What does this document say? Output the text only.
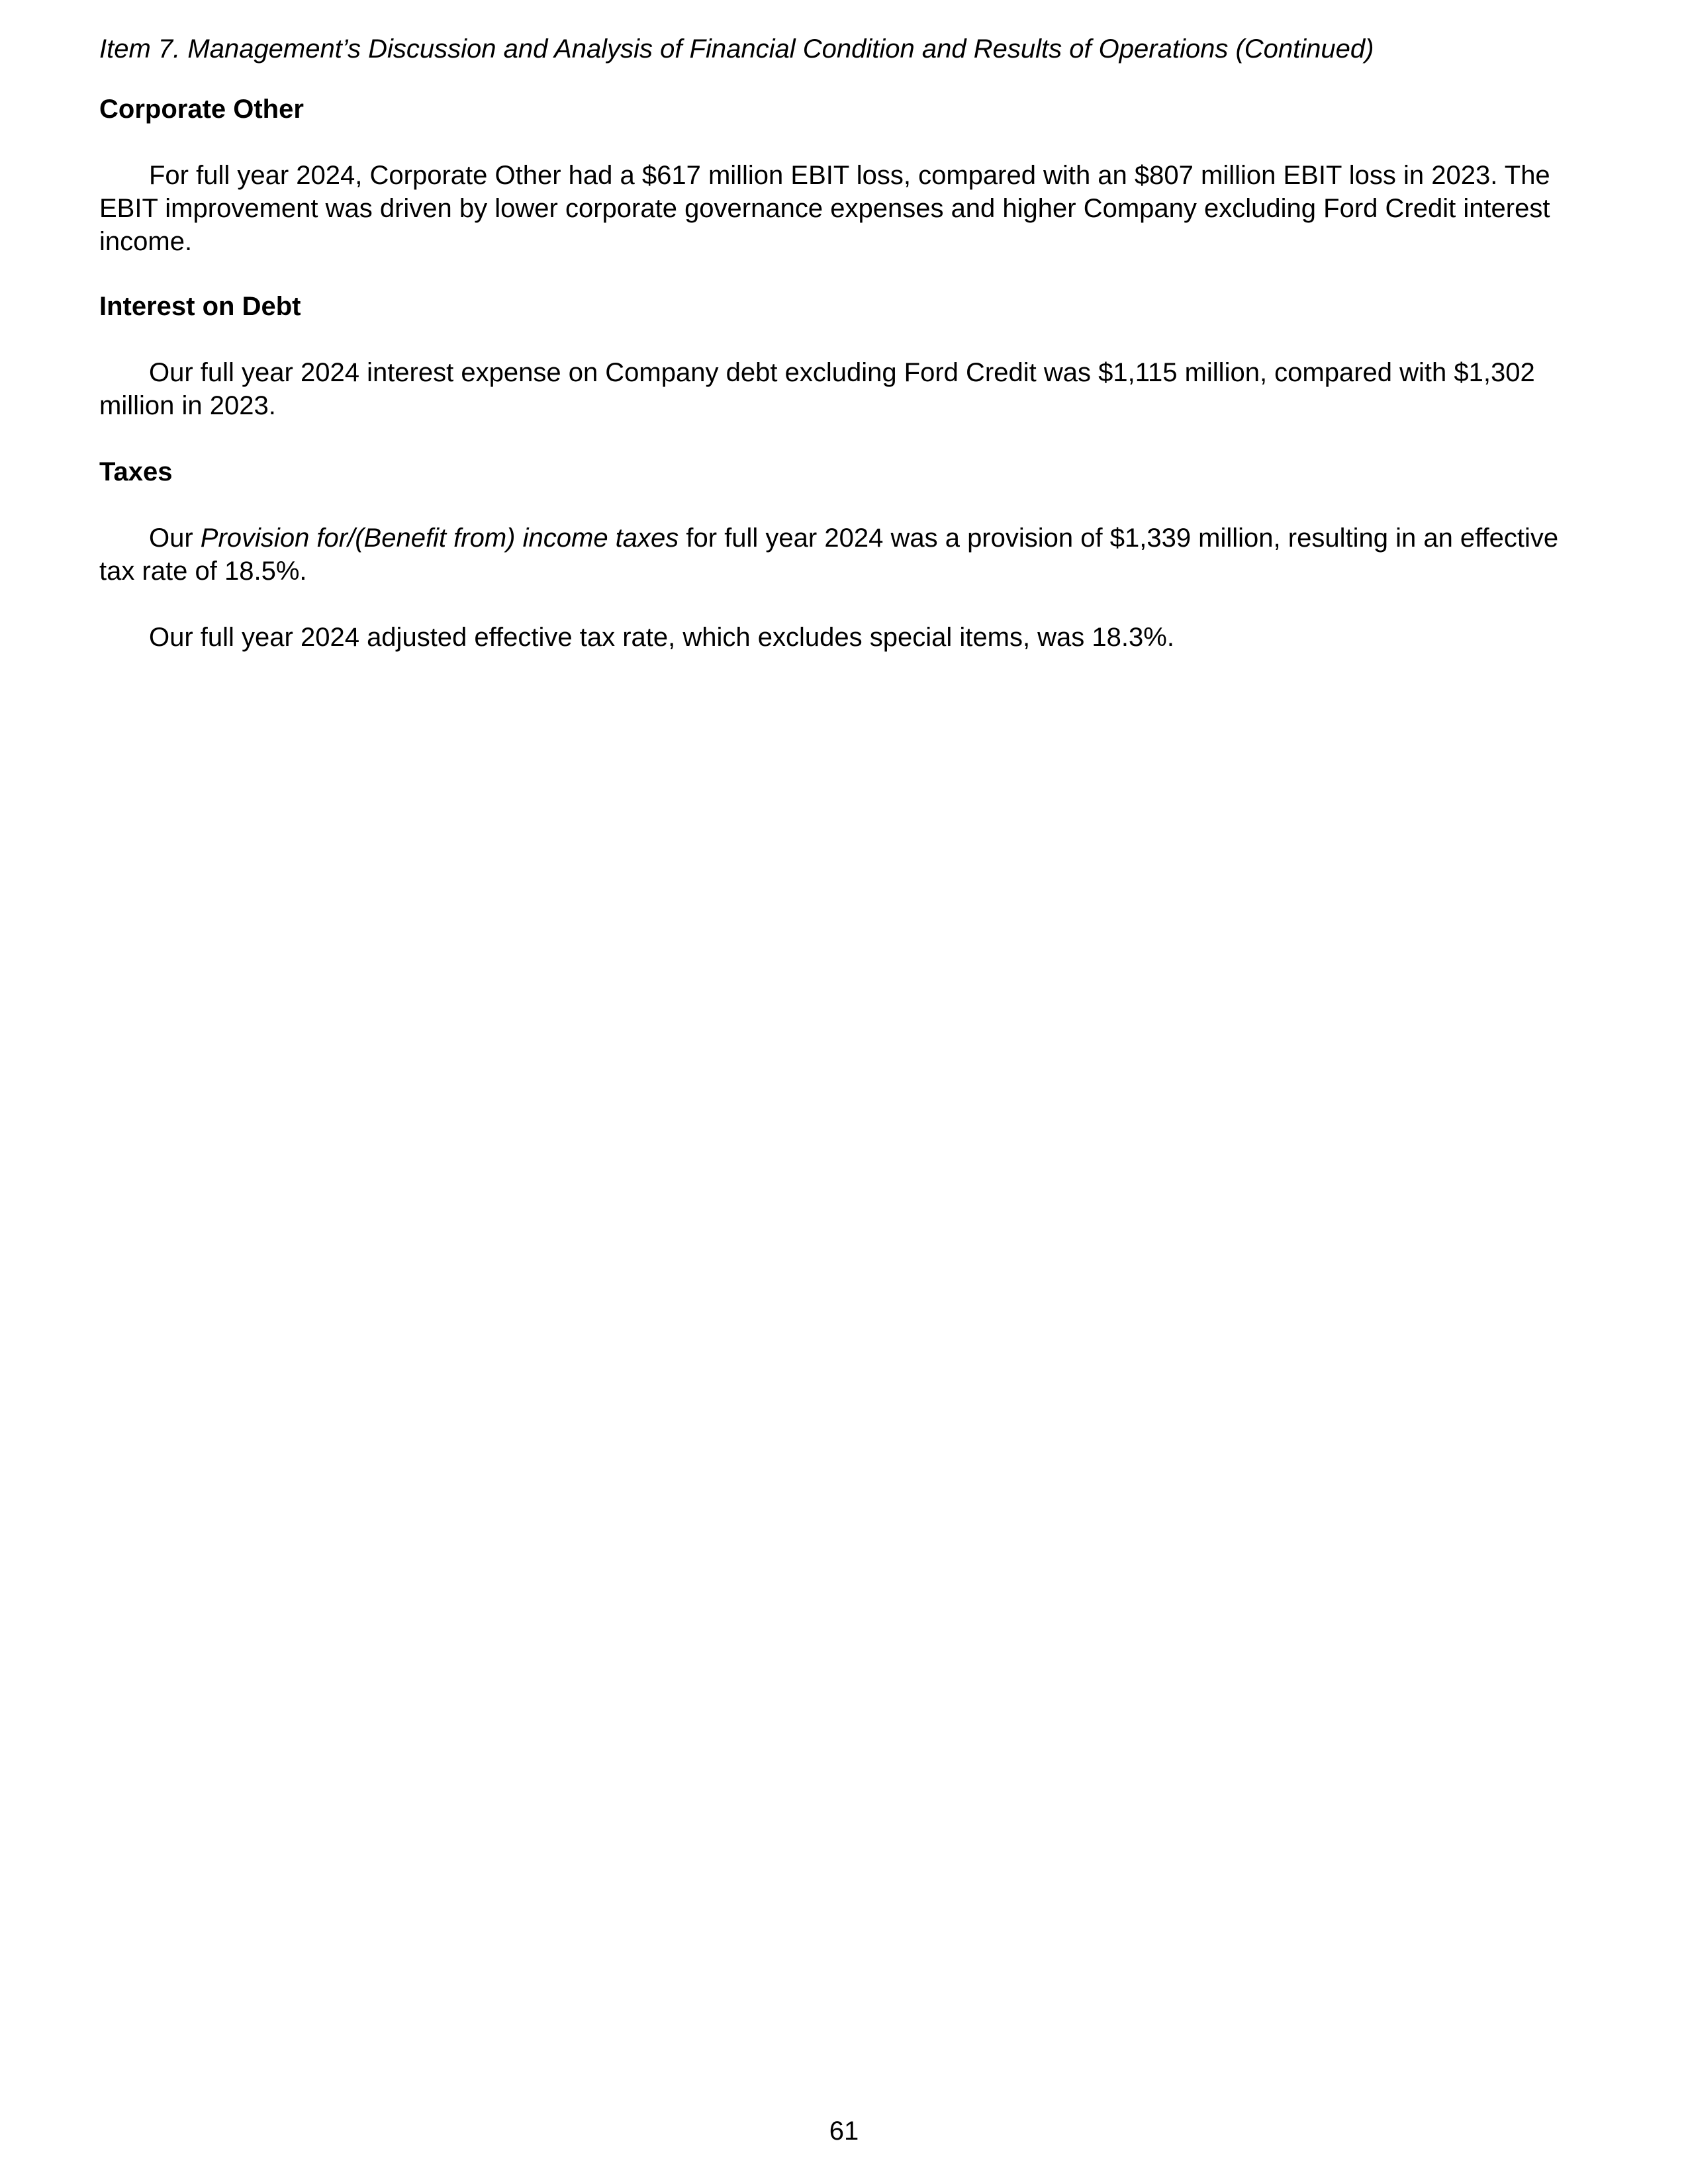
Item 7. Management’s Discussion and Analysis of Financial Condition and Results of Operations (Continued)
Corporate Other

For full year 2024, Corporate Other had a $617 million EBIT loss, compared with an $807 million EBIT loss in 2023. The EBIT improvement was driven by lower corporate governance expenses and higher Company excluding Ford Credit interest income.

Interest on Debt

Our full year 2024 interest expense on Company debt excluding Ford Credit was $1,115 million, compared with $1,302 million in 2023.

Taxes

Our Provision for/(Benefit from) income taxes for full year 2024 was a provision of $1,339 million, resulting in an effective tax rate of 18.5%.

Our full year 2024 adjusted effective tax rate, which excludes special items, was 18.3%.

61
